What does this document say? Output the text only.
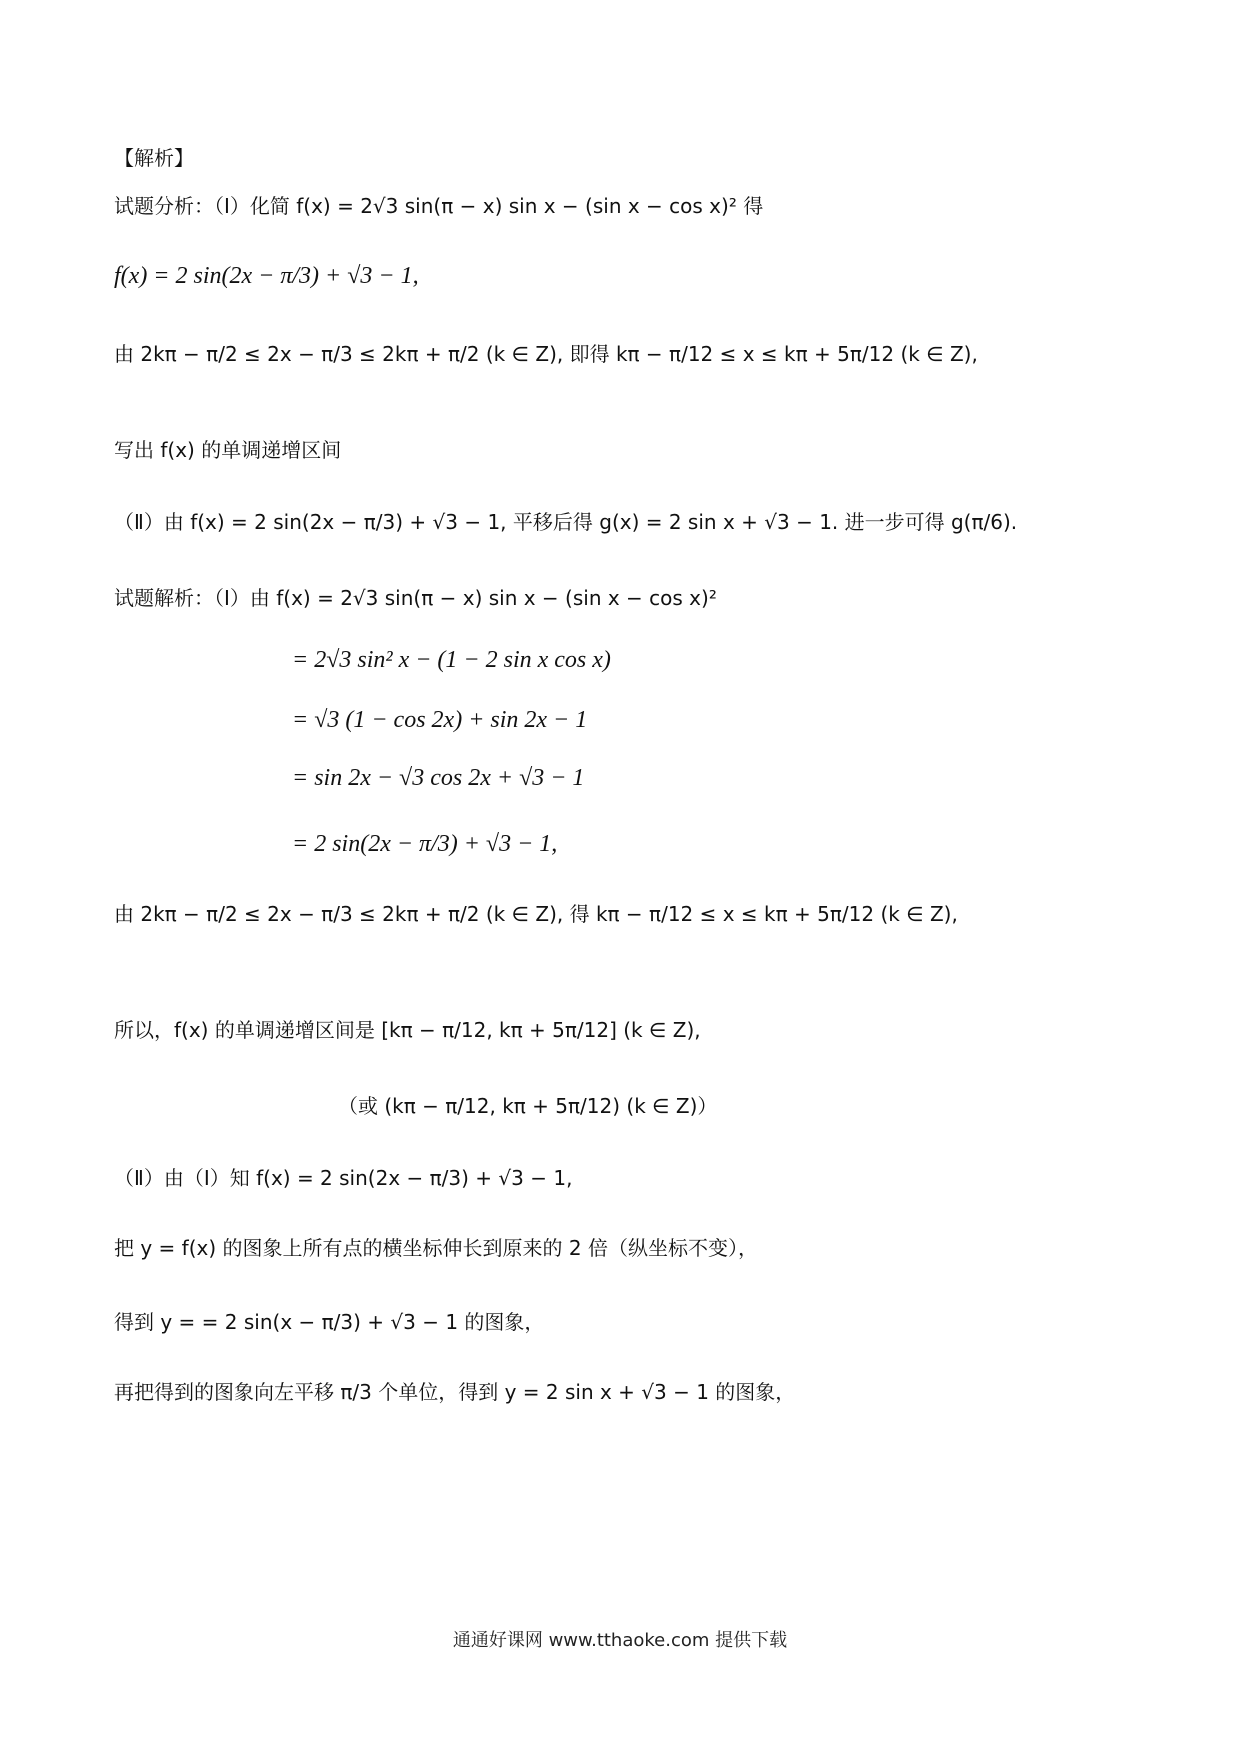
【解析】
试题分析：（Ⅰ）化简 f(x) = 2√3 sin(π − x) sin x − (sin x − cos x)² 得
f(x) = 2 sin(2x − π/3) + √3 − 1,
由 2kπ − π/2 ≤ 2x − π/3 ≤ 2kπ + π/2 (k ∈ Z), 即得 kπ − π/12 ≤ x ≤ kπ + 5π/12 (k ∈ Z),
写出 f(x) 的单调递增区间
（Ⅱ）由 f(x) = 2 sin(2x − π/3) + √3 − 1, 平移后得 g(x) = 2 sin x + √3 − 1. 进一步可得 g(π/6).
试题解析：（Ⅰ）由 f(x) = 2√3 sin(π − x) sin x − (sin x − cos x)²
= 2√3 sin² x − (1 − 2 sin x cos x)
= √3 (1 − cos 2x) + sin 2x − 1
= sin 2x − √3 cos 2x + √3 − 1
= 2 sin(2x − π/3) + √3 − 1,
由 2kπ − π/2 ≤ 2x − π/3 ≤ 2kπ + π/2 (k ∈ Z), 得 kπ − π/12 ≤ x ≤ kπ + 5π/12 (k ∈ Z),
所以，f(x) 的单调递增区间是 [kπ − π/12, kπ + 5π/12] (k ∈ Z),
（或 (kπ − π/12, kπ + 5π/12) (k ∈ Z)）
（Ⅱ）由（Ⅰ）知 f(x) = 2 sin(2x − π/3) + √3 − 1,
把 y = f(x) 的图象上所有点的横坐标伸长到原来的 2 倍（纵坐标不变），
得到 y = = 2 sin(x − π/3) + √3 − 1 的图象，
再把得到的图象向左平移 π/3 个单位，得到 y = 2 sin x + √3 − 1 的图象，
通通好课网 www.tthaoke.com 提供下载
